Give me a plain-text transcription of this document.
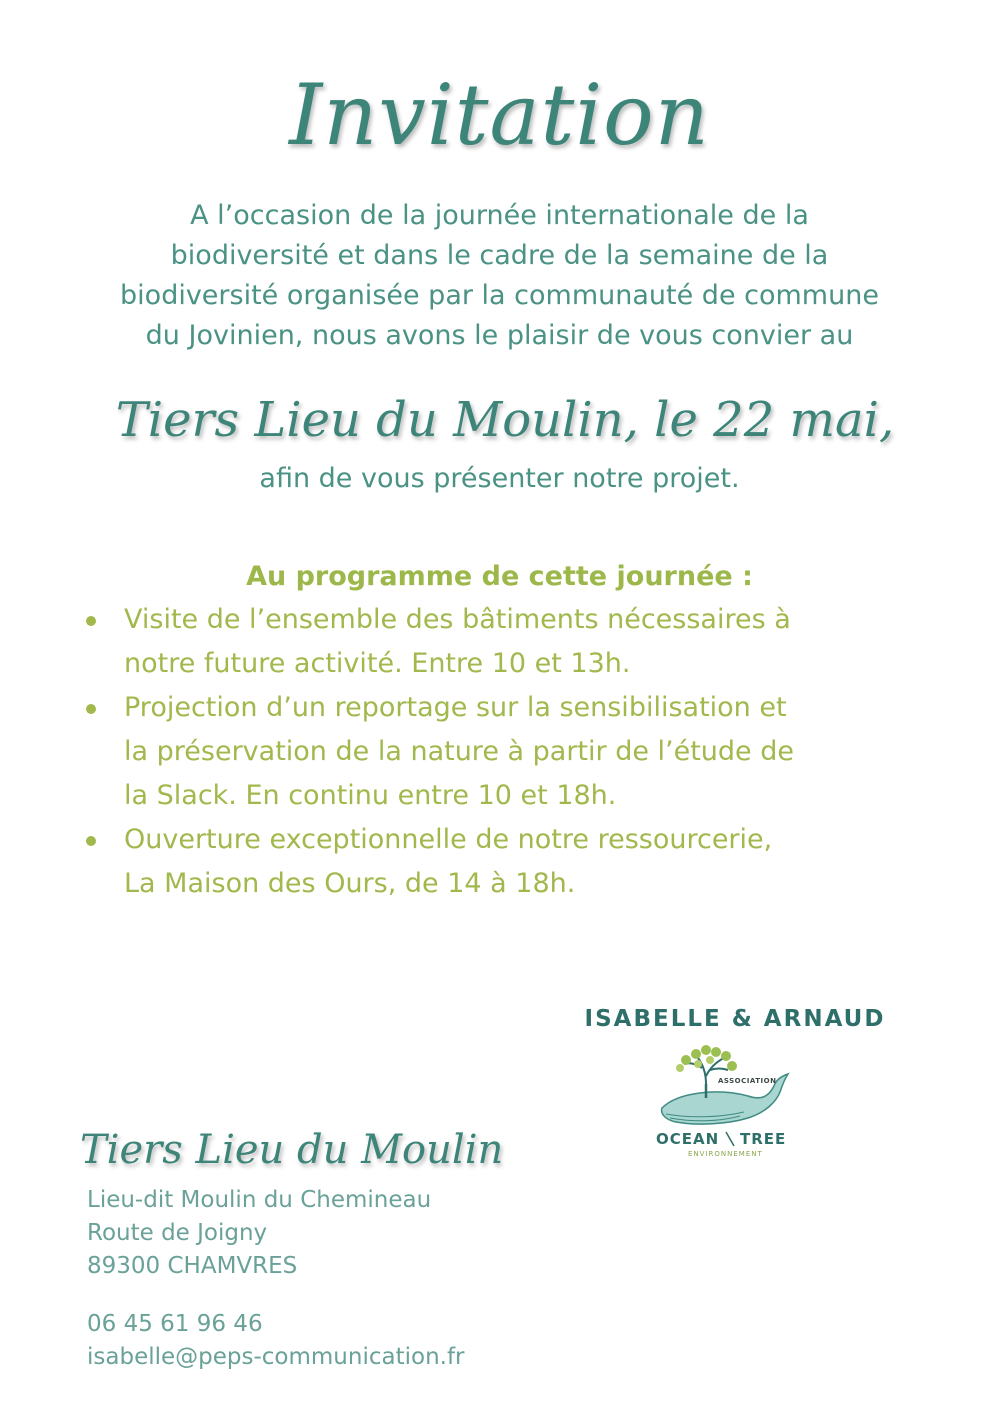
Invitation
A l’occasion de la journée internationale de la
biodiversité et dans le cadre de la semaine de la
biodiversité organisée par la communauté de commune
du Jovinien, nous avons le plaisir de vous convier au
Tiers Lieu du Moulin, le 22 mai,
afin de vous présenter notre projet.
Au programme de cette journée :
Visite de l’ensemble des bâtiments nécessaires à
notre future activité. Entre 10 et 13h.
Projection d’un reportage sur la sensibilisation et
la préservation de la nature à partir de l’étude de
la Slack. En continu entre 10 et 18h.
Ouverture exceptionnelle de notre ressourcerie,
La Maison des Ours, de 14 à 18h.
ISABELLE & ARNAUD
ASSOCIATION
OCEAN TREE
ENVIRONNEMENT
Tiers Lieu du Moulin
Lieu-dit Moulin du Chemineau
Route de Joigny
89300 CHAMVRES
06 45 61 96 46
isabelle@peps-communication.fr
